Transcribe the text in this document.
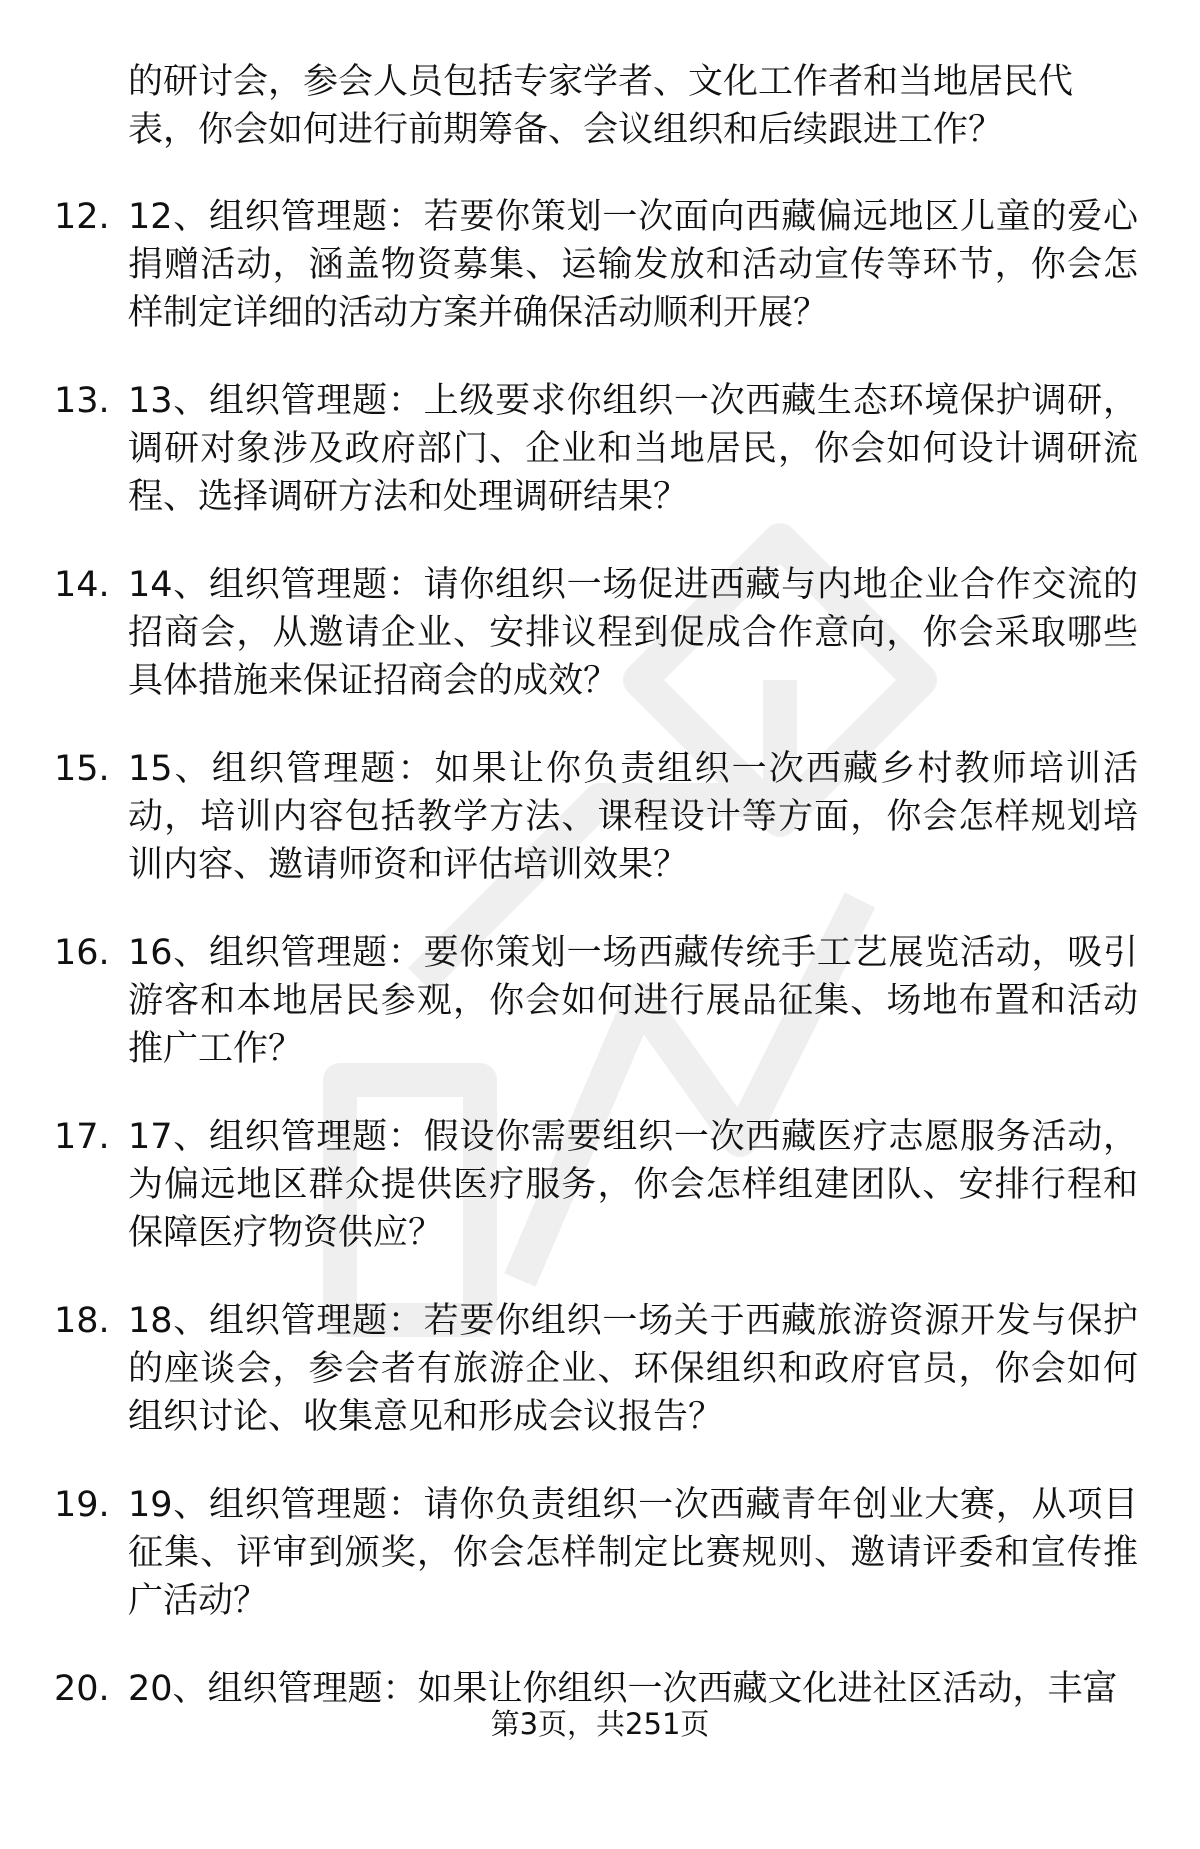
的研讨会，参会人员包括专家学者、文化工作者和当地居民代表，你会如何进行前期筹备、会议组织和后续跟进工作？
12. 12、组织管理题：若要你策划一次面向西藏偏远地区儿童的爱心捐赠活动，涵盖物资募集、运输发放和活动宣传等环节，你会怎样制定详细的活动方案并确保活动顺利开展？
13. 13、组织管理题：上级要求你组织一次西藏生态环境保护调研，调研对象涉及政府部门、企业和当地居民，你会如何设计调研流程、选择调研方法和处理调研结果？
14. 14、组织管理题：请你组织一场促进西藏与内地企业合作交流的招商会，从邀请企业、安排议程到促成合作意向，你会采取哪些具体措施来保证招商会的成效？
15. 15、组织管理题：如果让你负责组织一次西藏乡村教师培训活动，培训内容包括教学方法、课程设计等方面，你会怎样规划培训内容、邀请师资和评估培训效果？
16. 16、组织管理题：要你策划一场西藏传统手工艺展览活动，吸引游客和本地居民参观，你会如何进行展品征集、场地布置和活动推广工作？
17. 17、组织管理题：假设你需要组织一次西藏医疗志愿服务活动，为偏远地区群众提供医疗服务，你会怎样组建团队、安排行程和保障医疗物资供应？
18. 18、组织管理题：若要你组织一场关于西藏旅游资源开发与保护的座谈会，参会者有旅游企业、环保组织和政府官员，你会如何组织讨论、收集意见和形成会议报告？
19. 19、组织管理题：请你负责组织一次西藏青年创业大赛，从项目征集、评审到颁奖，你会怎样制定比赛规则、邀请评委和宣传推广活动？
20. 20、组织管理题：如果让你组织一次西藏文化进社区活动，丰富
第3页，共251页
